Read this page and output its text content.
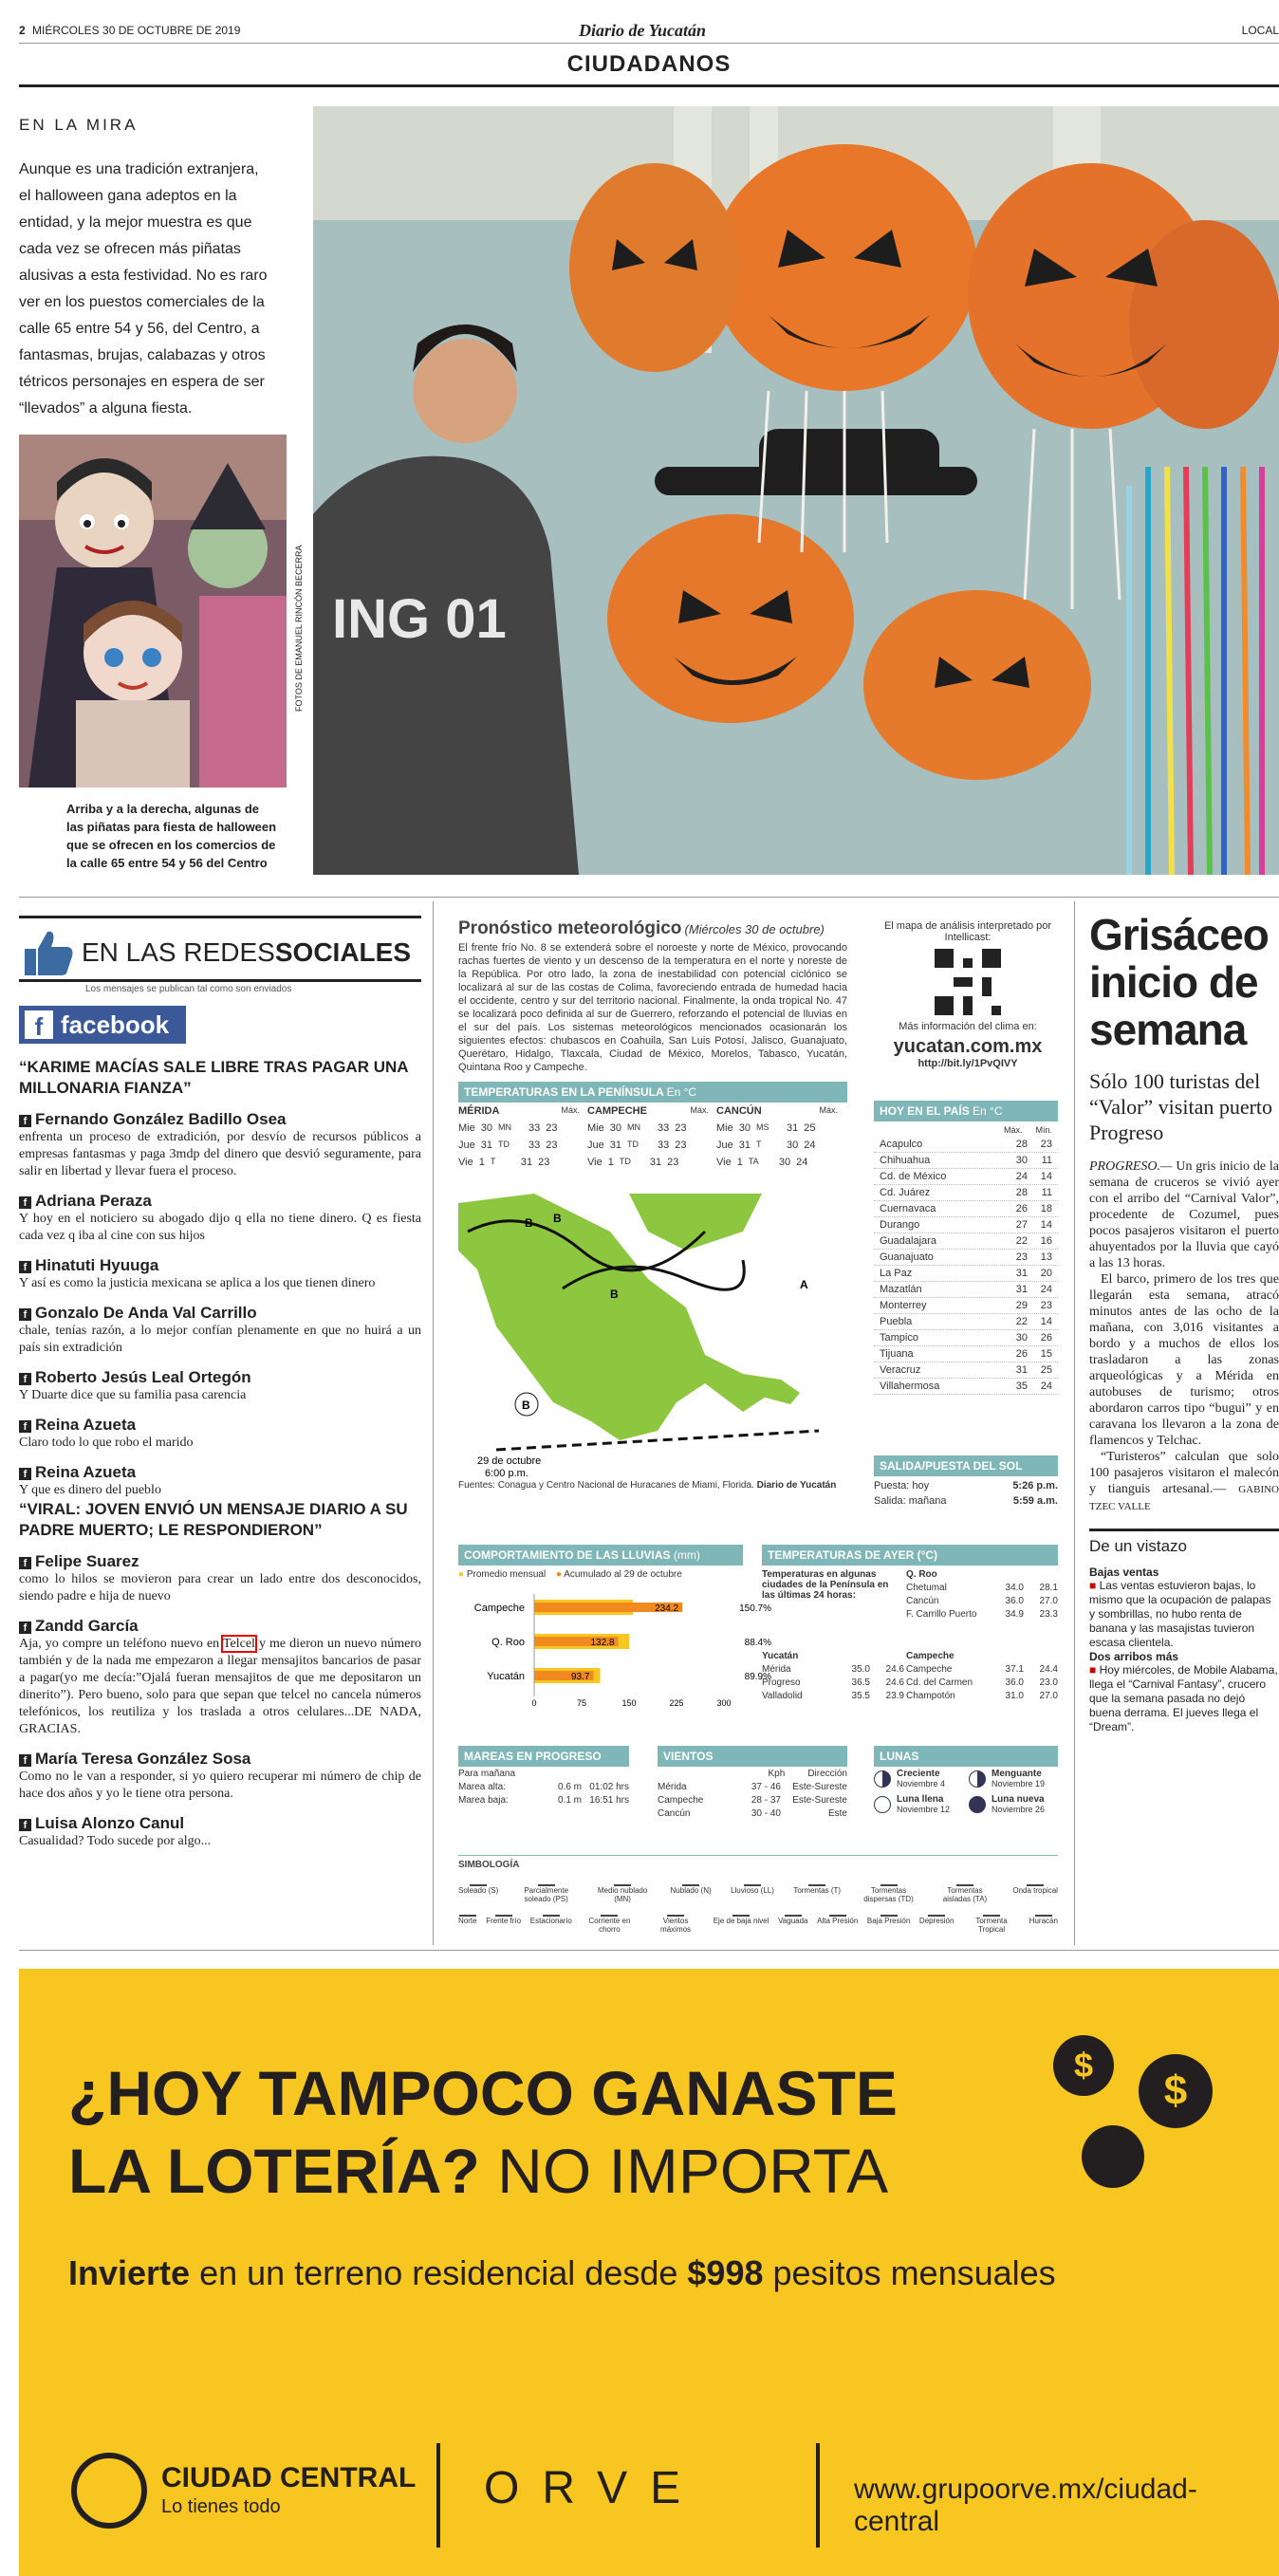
2 MIÉRCOLES 30 DE OCTUBRE DE 2019	Diario de Yucatán	LOCAL
CIUDADANOS
EN LA MIRA
Aunque es una tradición extranjera, el halloween gana adeptos en la entidad, y la mejor muestra es que cada vez se ofrecen más piñatas alusivas a esta festividad. No es raro ver en los puestos comerciales de la calle 65 entre 54 y 56, del Centro, a fantasmas, brujas, calabazas y otros tétricos personajes en espera de ser “llevados” a alguna fiesta.
Arriba y a la derecha, algunas de las piñatas para fiesta de halloween que se ofrecen en los comercios de la calle 65 entre 54 y 56 del Centro
FOTOS DE EMANUEL RINCÓN BECERRA ING 01
EN LAS REDES SOCIALES
Los mensajes se publican tal como son enviados
f facebook
“KARIME MACÍAS SALE LIBRE TRAS PAGAR UNA MILLONARIA FIANZA”
f Fernando González Badillo Osea
enfrenta un proceso de extradición, por desvío de recursos públicos a empresas fantasmas y paga 3mdp del dinero que desvió seguramente, para salir en libertad y llevar fuera el proceso.
f Adriana Peraza
Y hoy en el noticiero su abogado dijo q ella no tiene dinero. Q es fiesta cada vez q iba al cine con sus hijos
f Hinatuti Hyuuga
Y así es como la justicia mexicana se aplica a los que tienen dinero
f Gonzalo De Anda Val Carrillo
chale, tenías razón, a lo mejor confían plenamente en que no huirá a un país sin extradición
f Roberto Jesús Leal Ortegón
Y Duarte dice que su familia pasa carencia
f Reina Azueta
Claro todo lo que robo el marido
f Reina Azueta
Y que es dinero del pueblo
“VIRAL: JOVEN ENVIÓ UN MENSAJE DIARIO A SU PADRE MUERTO; LE RESPONDIERON”
f Felipe Suarez
como lo hilos se movieron para crear un lado entre dos desconocidos, siendo padre e hija de nuevo
f Zandd García
Aja, yo compre un teléfono nuevo en Telcel y me dieron un nuevo número también y de la nada me empezaron a llegar mensajitos bancarios de pasar a pagar(yo me decía:”Ojalá fueran mensajitos de que me depositaron un dinerito”). Pero bueno, solo para que sepan que telcel no cancela números telefónicos, los reutiliza y los traslada a otros celulares...DE NADA, GRACIAS.
f María Teresa González Sosa
Como no le van a responder, si yo quiero recuperar mi número de chip de hace dos años y yo le tiene otra persona.
f Luisa Alonzo Canul
Casualidad? Todo sucede por algo...
Pronóstico meteorológico (Miércoles 30 de octubre)
El frente frío No. 8 se extenderá sobre el noroeste y norte de México, provocando rachas fuertes de viento y un descenso de la temperatura en el norte y noreste de la República. Por otro lado, la zona de inestabilidad con potencial ciclónico se localizará al sur de las costas de Colima, favoreciendo entrada de humedad hacia el occidente, centro y sur del territorio nacional. Finalmente, la onda tropical No. 47 se localizará poco definida al sur de Guerrero, reforzando el potencial de lluvias en el sur del país. Los sistemas meteorológicos mencionados ocasionarán los siguientes efectos: chubascos en Coahuila, San Luis Potosí, Jalisco, Guanajuato, Querétaro, Hidalgo, Tlaxcala, Ciudad de México, Morelos, Tabasco, Yucatán, Quintana Roo y Campeche.
El mapa de análisis interpretado por Intellicast:
Más información del clima en:
yucatan.com.mx
http://bit.ly/1PvQIVY
TEMPERATURAS EN LA PENÍNSULA En °C
MÉRIDA	Máx. CAMPECHE	Máx. CANCÚN	Máx.
Mie 30 MN	33 23	Mie 30 MN	33 23	Mie 30 MS	31 25
Jue 31 TD	33 23	Jue 31 TD	33 23	Jue 31 T	30 24
Vie 1 T	31 23	Vie 1 TD	31 23	Vie 1 TA	30 24
B B
B
A
B
29 de octubre
6:00 p.m.
Fuentes: Conagua y Centro Nacional de Huracanes de Miami, Florida. Diario de Yucatán
HOY EN EL PAÍS En °C
Máx. Mín.
Acapulco	28	23
Chihuahua	30	11
Cd. de México	24	14
Cd. Juárez	28	11
Cuernavaca	26	18
Durango	27	14
Guadalajara	22	16
Guanajuato	23	13
La Paz	31	20
Mazatlán	31	24
Monterrey	29	23
Puebla	22	14
Tampico	30	26
Tijuana	26	15
Veracruz	31	25
Villahermosa	35	24
SALIDA/PUESTA DEL SOL
Puesta: hoy	5:26 p.m.
Salida: mañana	5:59 a.m.
COMPORTAMIENTO DE LAS LLUVIAS (mm)
● Promedio mensual ● Acumulado al 29 de octubre
Campeche	234.2	150.7%
Q. Roo	132.8	88.4%
Yucatán	93.7	89.9%
0	75	150	225	300
TEMPERATURAS DE AYER (°C)
Temperaturas en algunas ciudades de la Península en las últimas 24 horas:
Q. Roo
Chetumal	34.0	28.1
Cancún	36.0	27.0
F. Carrillo Puerto	34.9	23.3
Yucatán
Mérida	35.0	24.6
Progreso	36.5	24.6
Valladolid	35.5	23.9
Campeche
Campeche	37.1	24.4
Cd. del Carmen	36.0	23.0
Champotón	31.0	27.0
MAREAS EN PROGRESO
Para mañana
Marea alta:	0.6 m 01:02 hrs
Marea baja:	0.1 m 16:51 hrs
VIENTOS
Kph Dirección
Mérida	37 - 46	Este-Sureste
Campeche	28 - 37	Este-Sureste
Cancún	30 - 40	Este
LUNAS
Creciente
Noviembre 4
Menguante
Noviembre 19
Luna llena
Noviembre 12
Luna nueva
Noviembre 26
SIMBOLOGÍA
Soleado (S)	Parcialmente soleado (PS)
Medio nublado (MN)
Nublado (N)	Lluvioso (LL)	Tormentas (T)	Tormentas dispersas (TD)
Tormentas aisladas (TA)
Onda tropical
Norte Frente frío Estacionario	Corriente en chorro
Vientos máximos
Eje de baja nivel Vaguada Alta Presión Baja Presión Depresión	Tormenta Tropical
Huracán
Grisáceo inicio de semana
Sólo 100 turistas del “Valor” visitan puerto Progreso
PROGRESO.— Un gris inicio de la semana de cruceros se vivió ayer con el arribo del “Carnival Valor”, procedente de Cozumel, pues pocos pasajeros visitaron el puerto ahuyentados por la lluvia que cayó a las 13 horas.
El barco, primero de los tres que llegarán esta semana, atracó minutos antes de las ocho de la mañana, con 3,016 visitantes a bordo y a muchos de ellos los trasladaron a las zonas arqueológicas y a Mérida en autobuses de turismo; otros abordaron carros tipo “bugui” y en caravana los llevaron a la zona de flamencos y Telchac.
“Turisteros” calculan que solo 100 pasajeros visitaron el malecón y tianguis artesanal.— GABINO TZEC VALLE
De un vistazo
Bajas ventas
■ Las ventas estuvieron bajas, lo mismo que la ocupación de palapas y sombrillas, no hubo renta de banana y las masajistas tuvieron escasa clientela.
Dos arribos más
■ Hoy miércoles, de Mobile Alabama, llega el “Carnival Fantasy”, crucero que la semana pasada no dejó buena derrama. El jueves llega el “Dream”.
¿HOY TAMPOCO GANASTE
LA LOTERÍA? NO IMPORTA
Invierte en un terreno residencial desde $998 pesitos mensuales
$
$
CIUDAD CENTRAL
Lo tienes todo	ORVE	www.grupoorve.mx/ciudad-central
